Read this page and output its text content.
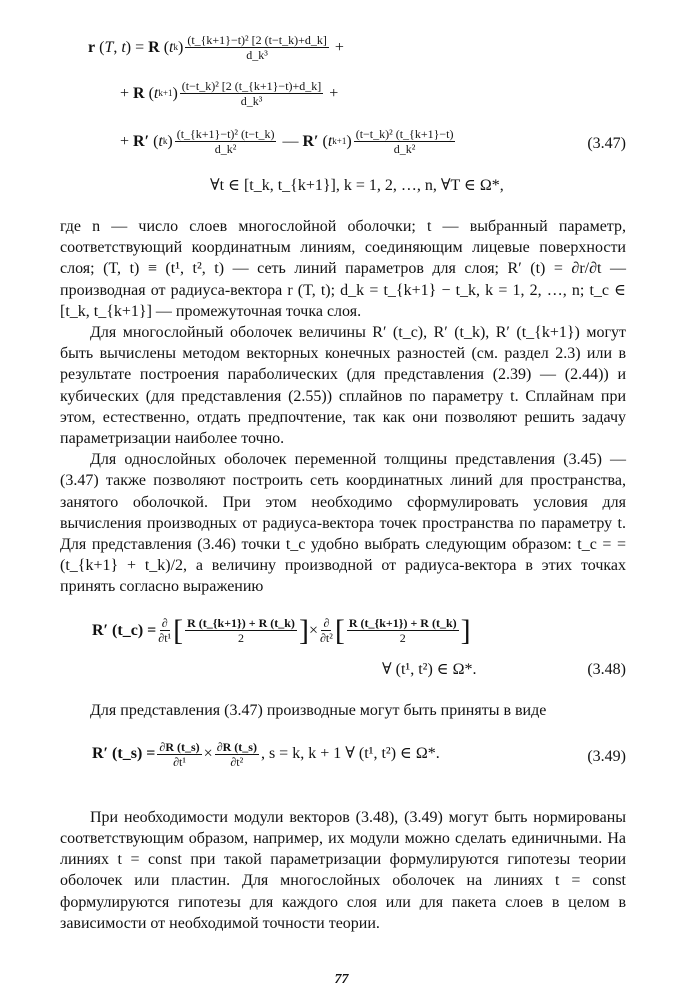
r ( T , t ) = R ( t k ) $\frac{\text{(t\_\{k+1\}−t)² [2 (t−t\_k)+d\_k]}}{\text{d\_k³}}$ +
+ R ( t k+1 ) $\frac{\text{(t−t\_k)² [2 (t\_\{k+1\}−t)+d\_k]}}{\text{d\_k³}}$ +
+ R′ ( t k ) $\frac{\text{(t\_\{k+1\}−t)² (t−t\_k)}}{\text{d\_k²}}$ — R′ ( t k+1 ) $\frac{\text{(t−t\_k)² (t\_\{k+1\}−t)}}{\text{d\_k²}}$	(3.47)
∀t ∈ [t_k, t_{k+1}], k = 1, 2, …, n, ∀T ∈ Ω*,

где n — число слоев многослойной оболочки; t — выбранный параметр, соответствующий координатным линиям, соединяющим лицевые поверхности слоя; (T, t) ≡ (t¹, t², t) — сеть линий параметров для слоя; R′ (t) = ∂r/∂t — производная от радиуса-вектора r (T, t); d_k = t_{k+1} − t_k, k = 1, 2, …, n; t_c ∈ [t_k, t_{k+1}] — промежуточная точка слоя.

Для многослойный оболочек величины R′ (t_c), R′ (t_k), R′ (t_{k+1}) могут быть вычислены методом векторных конечных разностей (см. раздел 2.3) или в результате построения параболических (для представления (2.39) — (2.44)) и кубических (для представления (2.55)) сплайнов по параметру t. Сплайнам при этом, естественно, отдать предпочтение, так как они позволяют решить задачу параметризации наиболее точно.

Для однослойных оболочек переменной толщины представления (3.45) — (3.47) также позволяют построить сеть координатных линий для пространства, занятого оболочкой. При этом необходимо сформулировать условия для вычисления производных от радиуса-вектора точек пространства по параметру t. Для представления (3.46) точки t_c удобно выбрать следующим образом: t_c = = (t_{k+1} + t_k)/2, а величину производной от радиуса-вектора в этих точках принять согласно выражению

R′ (t_c) = $\frac{\partial}{\text{∂t¹}}$ [ $\frac{R (t\_\{k+1\}) + R (t\_k)}{2}$ ] × $\frac{\partial}{\text{∂t²}}$ [ $\frac{R (t\_\{k+1\}) + R (t\_k)}{2}$ ]
∀ (t¹, t²) ∈ Ω*.	(3.48)

Для представления (3.47) производные могут быть приняты в виде

R′ (t_s) = $\frac{\partial R (t\_s)}{\text{∂t¹}} \times \frac{\partial R (t\_s)}{\text{∂t²}}$ , s = k, k + 1 ∀ (t¹, t²) ∈ Ω*.	(3.49)

При необходимости модули векторов (3.48), (3.49) могут быть нормированы соответствующим образом, например, их модули можно сделать единичными. На линиях t = const при такой параметризации формулируются гипотезы теории оболочек или пластин. Для многослойных оболочек на линиях t = const формулируются гипотезы для каждого слоя или для пакета слоев в целом в зависимости от необходимой точности теории.

77
